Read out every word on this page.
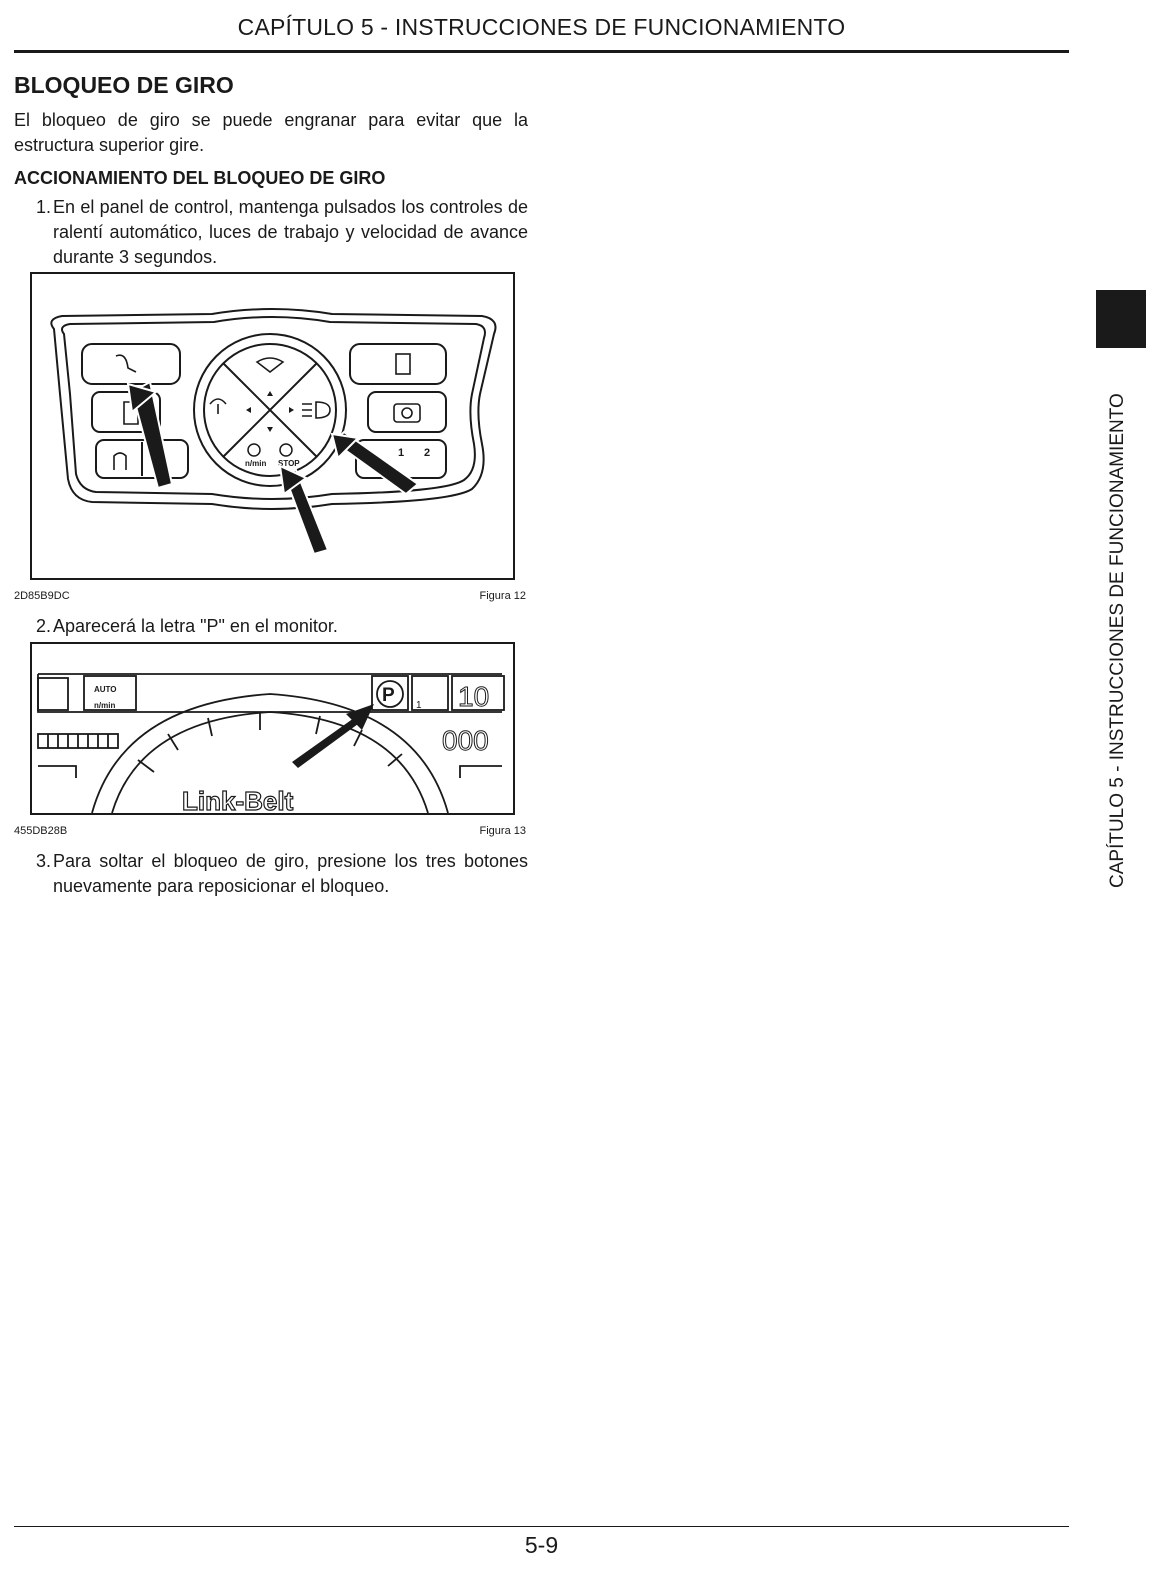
CAPÍTULO 5 - INSTRUCCIONES DE FUNCIONAMIENTO
BLOQUEO DE GIRO
El bloqueo de giro se puede engranar para evitar que la estructura superior gire.
ACCIONAMIENTO DEL BLOQUEO DE GIRO
1. En el panel de control, mantenga pulsados los controles de ralentí automático, luces de trabajo y velocidad de avance durante 3 segundos.
n/min STOP
1 2
2D85B9DC	Figura 12
2. Aparecerá la letra "P" en el monitor.
AUTO
n/min	P 1 10
000
Link-Belt
455DB28B	Figura 13
3. Para soltar el bloqueo de giro, presione los tres botones nuevamente para reposicionar el bloqueo.	CAPÍTULO 5 - INSTRUCCIONES DE FUNCIONAMIENTO
5-9
